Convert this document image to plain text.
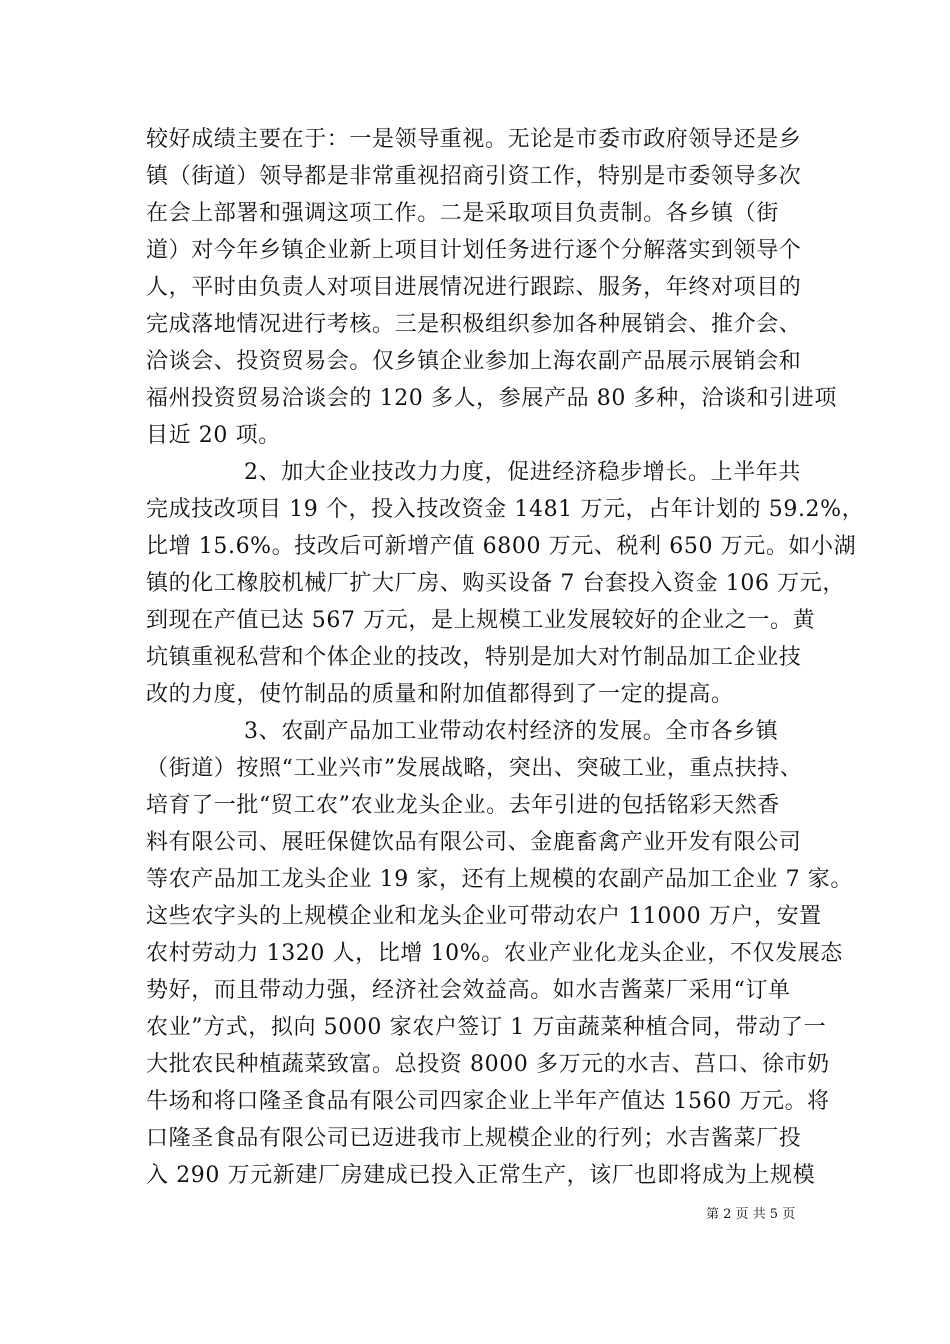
较好成绩主要在于：一是领导重视。无论是市委市政府领导还是乡
镇（街道）领导都是非常重视招商引资工作，特别是市委领导多次
在会上部署和强调这项工作。二是采取项目负责制。各乡镇（街
道）对今年乡镇企业新上项目计划任务进行逐个分解落实到领导个
人，平时由负责人对项目进展情况进行跟踪、服务，年终对项目的
完成落地情况进行考核。三是积极组织参加各种展销会、推介会、
洽谈会、投资贸易会。仅乡镇企业参加上海农副产品展示展销会和
福州投资贸易洽谈会的 120 多人，参展产品 80 多种，洽谈和引进项
目近 20 项。
2、加大企业技改力力度，促进经济稳步增长。上半年共
完成技改项目 19 个，投入技改资金 1481 万元，占年计划的 59.2%，
比增 15.6%。技改后可新增产值 6800 万元、税利 650 万元。如小湖
镇的化工橡胶机械厂扩大厂房、购买设备 7 台套投入资金 106 万元，
到现在产值已达 567 万元，是上规模工业发展较好的企业之一。黄
坑镇重视私营和个体企业的技改，特别是加大对竹制品加工企业技
改的力度，使竹制品的质量和附加值都得到了一定的提高。
3、农副产品加工业带动农村经济的发展。全市各乡镇
（街道）按照“工业兴市”发展战略，突出、突破工业，重点扶持、
培育了一批“贸工农”农业龙头企业。去年引进的包括铭彩天然香
料有限公司、展旺保健饮品有限公司、金鹿畜禽产业开发有限公司
等农产品加工龙头企业 19 家，还有上规模的农副产品加工企业 7 家。
这些农字头的上规模企业和龙头企业可带动农户 11000 万户，安置
农村劳动力 1320 人，比增 10%。农业产业化龙头企业，不仅发展态
势好，而且带动力强，经济社会效益高。如水吉酱菜厂采用“订单
农业”方式，拟向 5000 家农户签订 1 万亩蔬菜种植合同，带动了一
大批农民种植蔬菜致富。总投资 8000 多万元的水吉、莒口、徐市奶
牛场和将口隆圣食品有限公司四家企业上半年产值达 1560 万元。将
口隆圣食品有限公司已迈进我市上规模企业的行列；水吉酱菜厂投
入 290 万元新建厂房建成已投入正常生产，该厂也即将成为上规模
第 2 页 共 5 页
